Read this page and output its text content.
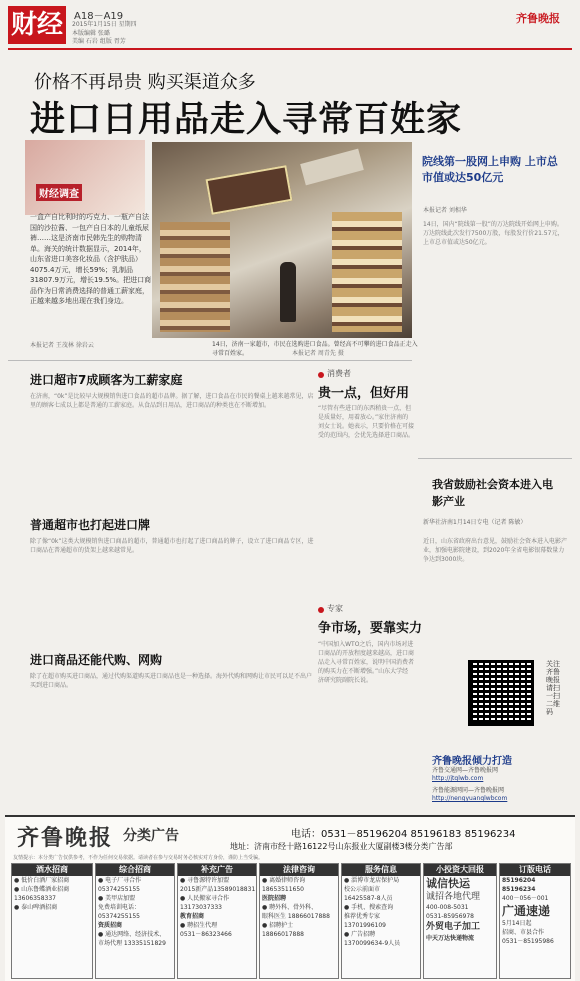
财经	A18－A19
2015年1月15日 星期四
本版编辑 张璐
美编 石岩 组版 胥芳
齐鲁晚报
价格不再昂贵 购买渠道众多
进口日用品走入寻常百姓家
财经调查
一盒产自比利时的巧克力、一瓶产自法国的沙拉酱、一包产自日本的儿童纸尿裤……这是济南市民韩先生的购物清单。海关的统计数据显示，2014年，山东省进口美容化妆品（含护肤品）4075.4万元，增长59%；乳制品31807.9万元，增长19.5%。把进口商品作为日常消费选择的普通工薪家庭，正越来越多地出现在我们身边。
本报记者 王茂林 徐岩云	14日，济南一家超市，市民在选购进口食品。曾经高不可攀的进口食品正走入寻常百姓家。	本报记者 周青先 摄
院线第一股网上申购 上市总市值或达50亿元
本报记者 刘相华
14日，国内“院线第一股”的万达院线开始网上申购。万达院线此次发行7500万股，每股发行价21.57元，上市总市值或达50亿元。
进口超市7成顾客为工薪家庭
在济南，“0k”是比较早大规模销售进口食品的超市品牌。据了解，进口食品在市民的餐桌上越来越常见，店里的顾客七成以上都是普通的工薪家庭。从食品到日用品，进口商品的种类也在不断增加。
普通超市也打起进口牌
除了像“0k”这类大规模销售进口商品的超市，普通超市也打起了进口商品的牌子，设立了进口商品专区，进口商品在普通超市的货架上越来越常见。
进口商品还能代购、网购
除了在超市购买进口商品，通过代购渠道购买进口商品也是一种选择。海外代购和网购让市民可以足不出户买到进口商品。
消费者
贵一点，但好用
“尽管有些进口的东西稍贵一点，但是质量好，用着放心。”家住济南的刘女士说。她表示，只要价格在可接受的范围内，会优先选择进口商品。
专家
争市场，要靠实力
“中国加入WTO之后，国内市场对进口商品的开放程度越来越高，进口商品走入寻常百姓家，说明中国消费者的购买力在不断增强。”山东大学经济研究院副院长说。
我省鼓励社会资本进入电影产业
新华社济南1月14日专电（记者 陈敏）
近日，山东省政府出台意见，鼓励社会资本进入电影产业，加强电影院建设，到2020年全省电影银幕数量力争达到3000块。
关注齐鲁晚报 请扫一扫二维码
齐鲁晚报倾力打造
齐鲁交通网—齐鲁晚报网
http://jtqlwb.com
齐鲁能源网同—齐鲁晚报网
http://nengyuanqlwbcom
齐鲁晚报 分类广告	电话： 0531－85196204 85196183 85196234
地址：济南市经十路16122号山东报业大厦副楼3楼分类广告部
友情提示：本分类广告仅供参考，不作为任何交易依据。请读者在参与交易时务必核实对方身份，谨防上当受骗。
酒水招商
● 低价白酒厂家招商
● 山东鲁蝶酒业招商
13606358337
● 泰山啤酒招商
综合招商
● 电子厂寻合作
05374255155
● 美甲店加盟
免费培训电话：
05374255155
资质招商
● 通达网络、经济技术、
市场代理 13335151829
补充广告
● 寻鲁源特许加盟
2015新产品13589018831
● 人民搬家寻合作
13173037333
教育招商
● 聘招生代理
0531－86323466
法律咨询
● 离婚律师咨询
18653511650
医院招聘
● 聘外科、骨外科、
眼科医生 18866017888
● 招聘护士
18866017888
服务信息
● 淄博市龙店保护局
校公示前面市
16425587-8人员
● 手机、搜索查询
推荐优秀专家
13701996109
● 广告招聘
1370099634-9人员
小投资大回报
诚信快运
诚招各地代理
400-008-5031
0531-85956978
外贸电子加工
中天万达快递物流
订版电话
85196204
85196234
400－056－001
广通速递
5月14日起
招商、市县合作
0531－85195986
